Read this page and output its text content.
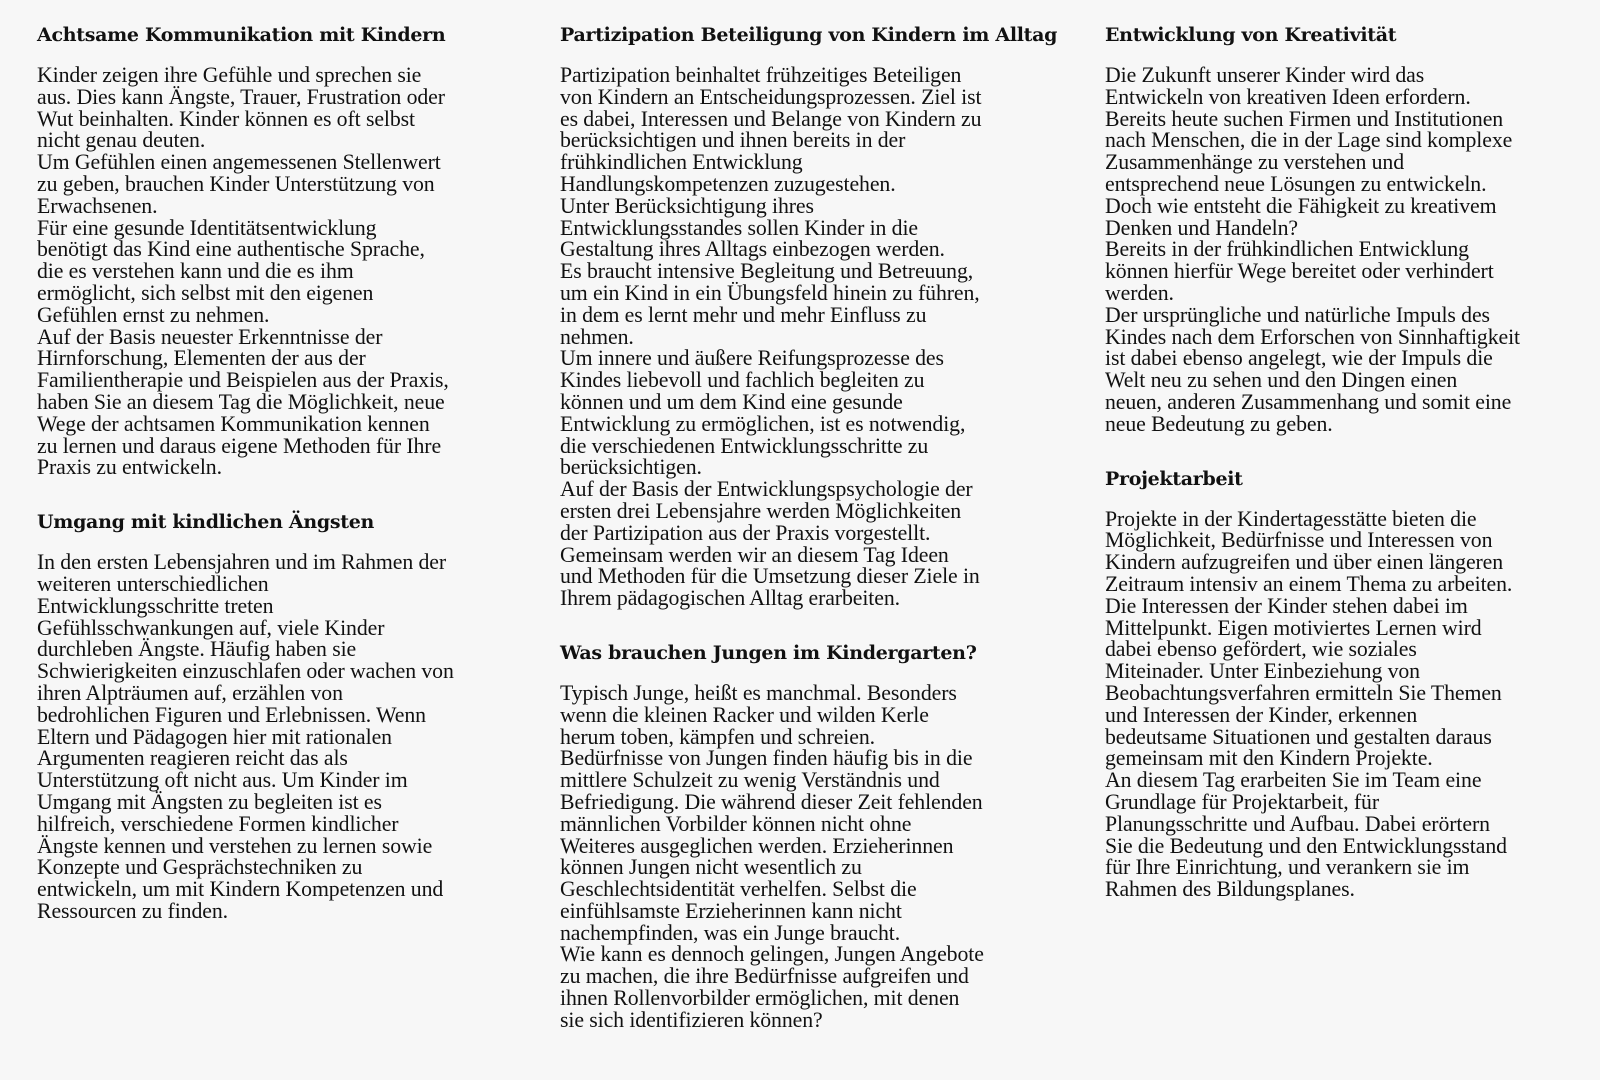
Achtsame Kommunikation mit Kindern
Kinder zeigen ihre Gefühle und sprechen sie
aus. Dies kann Ängste, Trauer, Frustration oder
Wut beinhalten. Kinder können es oft selbst
nicht genau deuten.
Um Gefühlen einen angemessenen Stellenwert
zu geben, brauchen Kinder Unterstützung von
Erwachsenen.
Für eine gesunde Identitätsentwicklung
benötigt das Kind eine authentische Sprache,
die es verstehen kann und die es ihm
ermöglicht, sich selbst mit den eigenen
Gefühlen ernst zu nehmen.
Auf der Basis neuester Erkenntnisse der
Hirnforschung, Elementen der aus der
Familientherapie und Beispielen aus der Praxis,
haben Sie an diesem Tag die Möglichkeit, neue
Wege der achtsamen Kommunikation kennen
zu lernen und daraus eigene Methoden für Ihre
Praxis zu entwickeln.
Umgang mit kindlichen Ängsten
In den ersten Lebensjahren und im Rahmen der
weiteren unterschiedlichen
Entwicklungsschritte treten
Gefühlsschwankungen auf, viele Kinder
durchleben Ängste. Häufig haben sie
Schwierigkeiten einzuschlafen oder wachen von
ihren Alpträumen auf, erzählen von
bedrohlichen Figuren und Erlebnissen. Wenn
Eltern und Pädagogen hier mit rationalen
Argumenten reagieren reicht das als
Unterstützung oft nicht aus. Um Kinder im
Umgang mit Ängsten zu begleiten ist es
hilfreich, verschiedene Formen kindlicher
Ängste kennen und verstehen zu lernen sowie
Konzepte und Gesprächstechniken zu
entwickeln, um mit Kindern Kompetenzen und
Ressourcen zu finden.
Partizipation Beteiligung von Kindern im Alltag
Partizipation beinhaltet frühzeitiges Beteiligen
von Kindern an Entscheidungsprozessen. Ziel ist
es dabei, Interessen und Belange von Kindern zu
berücksichtigen und ihnen bereits in der
frühkindlichen Entwicklung
Handlungskompetenzen zuzugestehen.
Unter Berücksichtigung ihres
Entwicklungsstandes sollen Kinder in die
Gestaltung ihres Alltags einbezogen werden.
Es braucht intensive Begleitung und Betreuung,
um ein Kind in ein Übungsfeld hinein zu führen,
in dem es lernt mehr und mehr Einfluss zu
nehmen.
Um innere und äußere Reifungsprozesse des
Kindes liebevoll und fachlich begleiten zu
können und um dem Kind eine gesunde
Entwicklung zu ermöglichen, ist es notwendig,
die verschiedenen Entwicklungsschritte zu
berücksichtigen.
Auf der Basis der Entwicklungspsychologie der
ersten drei Lebensjahre werden Möglichkeiten
der Partizipation aus der Praxis vorgestellt.
Gemeinsam werden wir an diesem Tag Ideen
und Methoden für die Umsetzung dieser Ziele in
Ihrem pädagogischen Alltag erarbeiten.
Was brauchen Jungen im Kindergarten?
Typisch Junge, heißt es manchmal. Besonders
wenn die kleinen Racker und wilden Kerle
herum toben, kämpfen und schreien.
Bedürfnisse von Jungen finden häufig bis in die
mittlere Schulzeit zu wenig Verständnis und
Befriedigung. Die während dieser Zeit fehlenden
männlichen Vorbilder können nicht ohne
Weiteres ausgeglichen werden. Erzieherinnen
können Jungen nicht wesentlich zu
Geschlechtsidentität verhelfen. Selbst die
einfühlsamste Erzieherinnen kann nicht
nachempfinden, was ein Junge braucht.
Wie kann es dennoch gelingen, Jungen Angebote
zu machen, die ihre Bedürfnisse aufgreifen und
ihnen Rollenvorbilder ermöglichen, mit denen
sie sich identifizieren können?
Entwicklung von Kreativität
Die Zukunft unserer Kinder wird das
Entwickeln von kreativen Ideen erfordern.
Bereits heute suchen Firmen und Institutionen
nach Menschen, die in der Lage sind komplexe
Zusammenhänge zu verstehen und
entsprechend neue Lösungen zu entwickeln.
Doch wie entsteht die Fähigkeit zu kreativem
Denken und Handeln?
Bereits in der frühkindlichen Entwicklung
können hierfür Wege bereitet oder verhindert
werden.
Der ursprüngliche und natürliche Impuls des
Kindes nach dem Erforschen von Sinnhaftigkeit
ist dabei ebenso angelegt, wie der Impuls die
Welt neu zu sehen und den Dingen einen
neuen, anderen Zusammenhang und somit eine
neue Bedeutung zu geben.
Projektarbeit
Projekte in der Kindertagesstätte bieten die
Möglichkeit, Bedürfnisse und Interessen von
Kindern aufzugreifen und über einen längeren
Zeitraum intensiv an einem Thema zu arbeiten.
Die Interessen der Kinder stehen dabei im
Mittelpunkt. Eigen motiviertes Lernen wird
dabei ebenso gefördert, wie soziales
Miteinader. Unter Einbeziehung von
Beobachtungsverfahren ermitteln Sie Themen
und Interessen der Kinder, erkennen
bedeutsame Situationen und gestalten daraus
gemeinsam mit den Kindern Projekte.
An diesem Tag erarbeiten Sie im Team eine
Grundlage für Projektarbeit, für
Planungsschritte und Aufbau. Dabei erörtern
Sie die Bedeutung und den Entwicklungsstand
für Ihre Einrichtung, und verankern sie im
Rahmen des Bildungsplanes.
